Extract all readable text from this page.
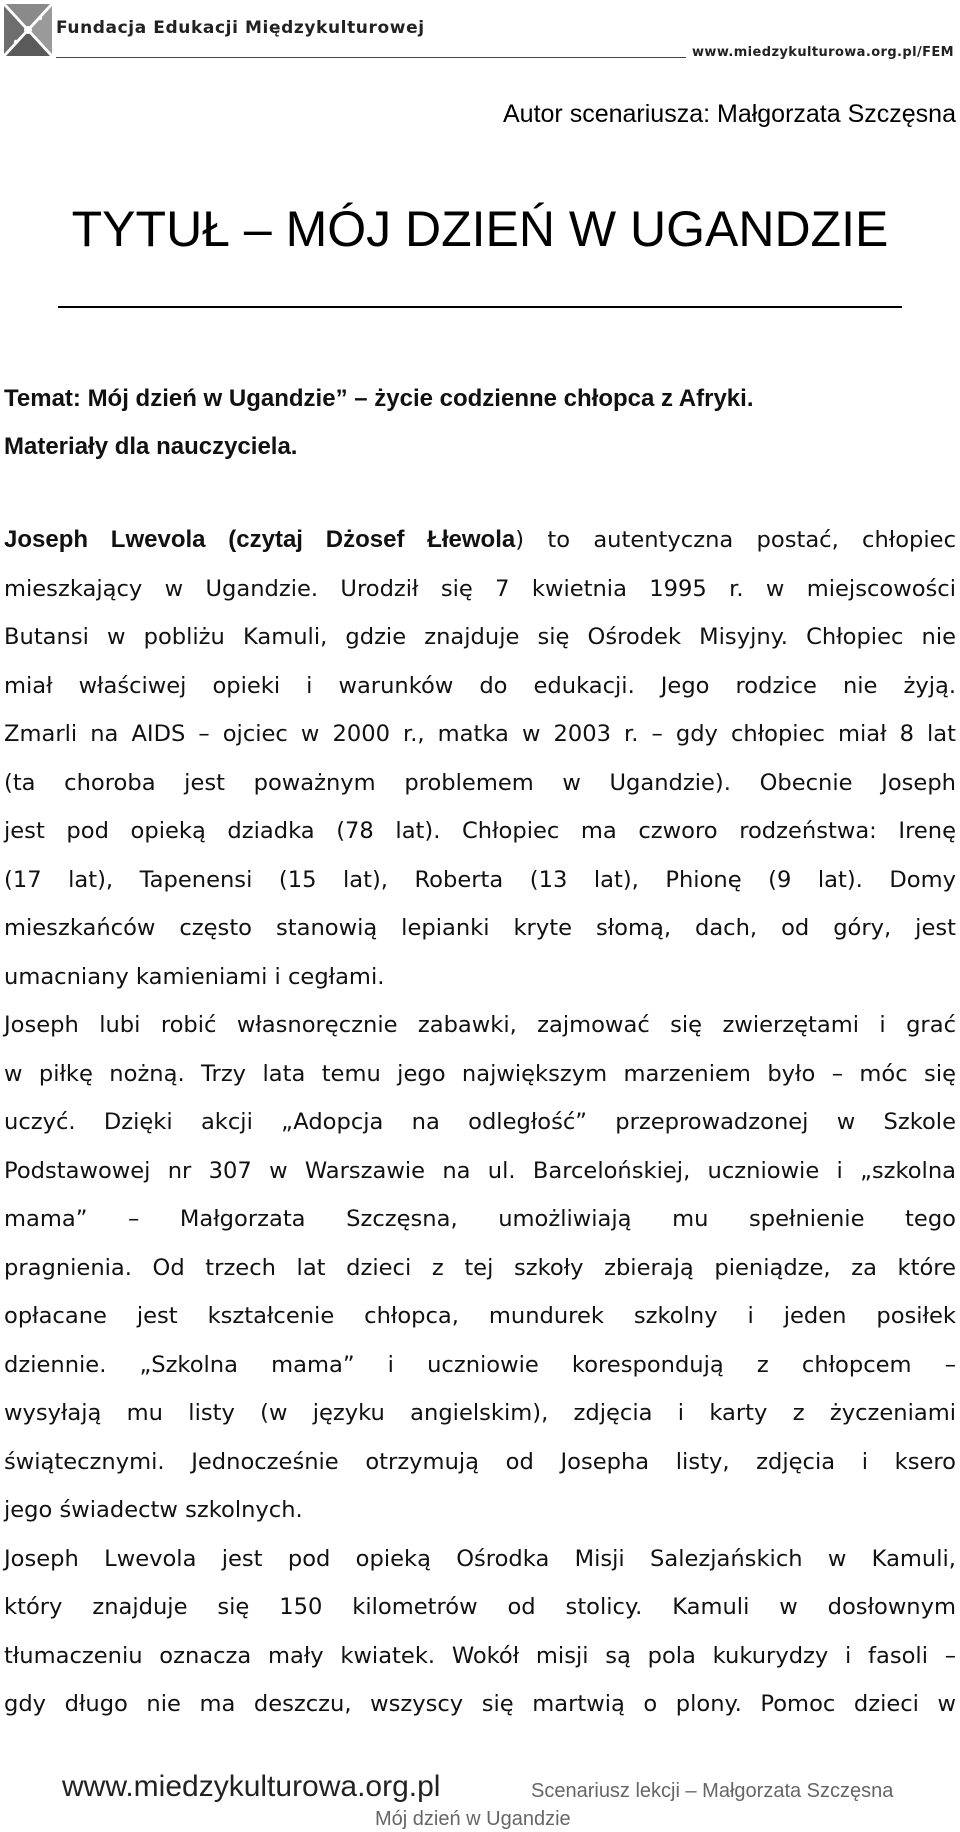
Fundacja Edukacji Międzykulturowej
www.miedzykulturowa.org.pl/FEM
Autor scenariusza: Małgorzata Szczęsna
TYTUŁ – MÓJ DZIEŃ W UGANDZIE

Temat: Mój dzień w Ugandzie” – życie codzienne chłopca z Afryki.

Materiały dla nauczyciela.

Joseph Lwevola (czytaj Dżosef Łłewola) to autentyczna postać, chłopiec
mieszkający w Ugandzie. Urodził się 7 kwietnia 1995 r. w miejscowości
Butansi w pobliżu Kamuli, gdzie znajduje się Ośrodek Misyjny. Chłopiec nie
miał właściwej opieki i warunków do edukacji. Jego rodzice nie żyją.
Zmarli na AIDS – ojciec w 2000 r., matka w 2003 r. – gdy chłopiec miał 8 lat
(ta choroba jest poważnym problemem w Ugandzie). Obecnie Joseph
jest pod opieką dziadka (78 lat). Chłopiec ma czworo rodzeństwa: Irenę
(17 lat), Tapenensi (15 lat), Roberta (13 lat), Phionę (9 lat). Domy
mieszkańców często stanowią lepianki kryte słomą, dach, od góry, jest
umacniany kamieniami i cegłami.
Joseph lubi robić własnoręcznie zabawki, zajmować się zwierzętami i grać
w piłkę nożną. Trzy lata temu jego największym marzeniem było – móc się
uczyć. Dzięki akcji „Adopcja na odległość” przeprowadzonej w Szkole
Podstawowej nr 307 w Warszawie na ul. Barcelońskiej, uczniowie i „szkolna
mama” – Małgorzata Szczęsna, umożliwiają mu spełnienie tego
pragnienia. Od trzech lat dzieci z tej szkoły zbierają pieniądze, za które
opłacane jest kształcenie chłopca, mundurek szkolny i jeden posiłek
dziennie. „Szkolna mama” i uczniowie korespondują z chłopcem –
wysyłają mu listy (w języku angielskim), zdjęcia i karty z życzeniami
świątecznymi. Jednocześnie otrzymują od Josepha listy, zdjęcia i ksero
jego świadectw szkolnych.
Joseph Lwevola jest pod opieką Ośrodka Misji Salezjańskich w Kamuli,
który znajduje się 150 kilometrów od stolicy. Kamuli w dosłownym
tłumaczeniu oznacza mały kwiatek. Wokół misji są pola kukurydzy i fasoli –
gdy długo nie ma deszczu, wszyscy się martwią o plony. Pomoc dzieci w
www.miedzykulturowa.org.pl	Scenariusz lekcji – Małgorzata Szczęsna
Mój dzień w Ugandzie
